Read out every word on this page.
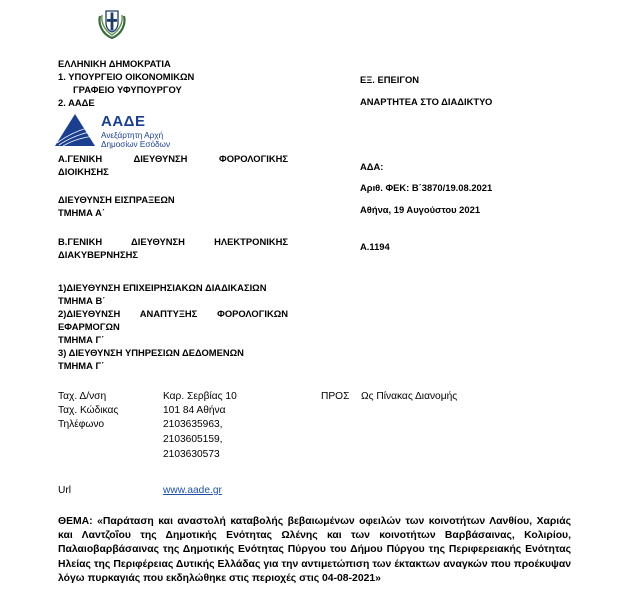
ΕΛΛΗΝΙΚΗ ΔΗΜΟΚΡΑΤΙΑ
1. ΥΠΟΥΡΓΕΙΟ ΟΙΚΟΝΟΜΙΚΩΝ
ΓΡΑΦΕΙΟ ΥΦΥΠΟΥΡΓΟΥ
2. ΑΑΔΕ
ΑΑΔΕ
Ανεξάρτητη Αρχή
Δημοσίων Εσόδων
Α.ΓΕΝΙΚΗ ΔΙΕΥΘΥΝΣΗ ΦΟΡΟΛΟΓΙΚΗΣ
ΔΙΟΙΚΗΣΗΣ
ΔΙΕΥΘΥΝΣΗ ΕΙΣΠΡΑΞΕΩΝ
ΤΜΗΜΑ Α΄
Β.ΓΕΝΙΚΗ ΔΙΕΥΘΥΝΣΗ ΗΛΕΚΤΡΟΝΙΚΗΣ
ΔΙΑΚΥΒΕΡΝΗΣΗΣ
1)ΔΙΕΥΘΥΝΣΗ ΕΠΙΧΕΙΡΗΣΙΑΚΩΝ ΔΙΑΔΙΚΑΣΙΩΝ
ΤΜΗΜΑ Β΄
2)ΔΙΕΥΘΥΝΣΗ ΑΝΑΠΤΥΞΗΣ ΦΟΡΟΛΟΓΙΚΩΝ
ΕΦΑΡΜΟΓΩΝ
ΤΜΗΜΑ Γ΄
3) ΔΙΕΥΘΥΝΣΗ ΥΠΗΡΕΣΙΩΝ ΔΕΔΟΜΕΝΩΝ
ΤΜΗΜΑ Γ΄
ΕΞ. ΕΠΕΙΓΟΝ
ΑΝΑΡΤΗΤΕΑ ΣΤΟ ΔΙΑΔΙΚΤΥΟ
ΑΔΑ:
Αριθ. ΦΕΚ: Β΄3870/19.08.2021
Αθήνα, 19 Αυγούστου 2021
Α.1194
Ταχ. Δ/νση	Καρ. Σερβίας 10
Ταχ. Κώδικας	101 84 Αθήνα
Τηλέφωνο	2103635963,
2103605159,
2103630573
Url	www.aade.gr
ΠΡΟΣ Ως Πίνακας Διανομής
ΘΕΜΑ: «Παράταση και αναστολή καταβολής βεβαιωμένων οφειλών των κοινοτήτων Λανθίου, Χαριάς και Λαντζοΐου της Δημοτικής Ενότητας Ωλένης και των κοινοτήτων Βαρβάσαινας, Κολιρίου, Παλαιοβαρβάσαινας της Δημοτικής Ενότητας Πύργου του Δήμου Πύργου της Περιφερειακής Ενότητας Ηλείας της Περιφέρειας Δυτικής Ελλάδας για την αντιμετώπιση των έκτακτων αναγκών που προέκυψαν λόγω πυρκαγιάς που εκδηλώθηκε στις περιοχές στις 04-08-2021»
